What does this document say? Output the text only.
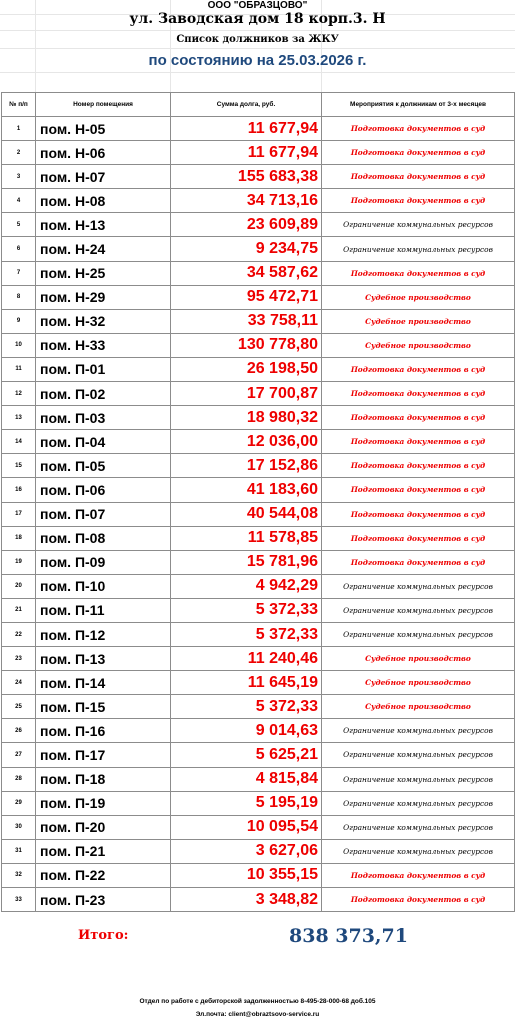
ООО "ОБРАЗЦОВО"
ул. Заводская дом 18 корп.3. Н
Список должников за ЖКУ
по состоянию на 25.03.2026 г.
№ п/п	Номер помещения	Сумма долга, руб.	Мероприятия к должникам от 3-х месяцев
1	пом. Н-05	11 677,94	Подготовка документов в суд
2	пом. Н-06	11 677,94	Подготовка документов в суд
3	пом. Н-07	155 683,38	Подготовка документов в суд
4	пом. Н-08	34 713,16	Подготовка документов в суд
5	пом. Н-13	23 609,89	Ограничение коммунальных ресурсов
6	пом. Н-24	9 234,75	Ограничение коммунальных ресурсов
7	пом. Н-25	34 587,62	Подготовка документов в суд
8	пом. Н-29	95 472,71	Судебное производство
9	пом. Н-32	33 758,11	Судебное производство
10	пом. Н-33	130 778,80	Судебное производство
11	пом. П-01	26 198,50	Подготовка документов в суд
12	пом. П-02	17 700,87	Подготовка документов в суд
13	пом. П-03	18 980,32	Подготовка документов в суд
14	пом. П-04	12 036,00	Подготовка документов в суд
15	пом. П-05	17 152,86	Подготовка документов в суд
16	пом. П-06	41 183,60	Подготовка документов в суд
17	пом. П-07	40 544,08	Подготовка документов в суд
18	пом. П-08	11 578,85	Подготовка документов в суд
19	пом. П-09	15 781,96	Подготовка документов в суд
20	пом. П-10	4 942,29	Ограничение коммунальных ресурсов
21	пом. П-11	5 372,33	Ограничение коммунальных ресурсов
22	пом. П-12	5 372,33	Ограничение коммунальных ресурсов
23	пом. П-13	11 240,46	Судебное производство
24	пом. П-14	11 645,19	Судебное производство
25	пом. П-15	5 372,33	Судебное производство
26	пом. П-16	9 014,63	Ограничение коммунальных ресурсов
27	пом. П-17	5 625,21	Ограничение коммунальных ресурсов
28	пом. П-18	4 815,84	Ограничение коммунальных ресурсов
29	пом. П-19	5 195,19	Ограничение коммунальных ресурсов
30	пом. П-20	10 095,54	Ограничение коммунальных ресурсов
31	пом. П-21	3 627,06	Ограничение коммунальных ресурсов
32	пом. П-22	10 355,15	Подготовка документов в суд
33	пом. П-23	3 348,82	Подготовка документов в суд
Итого:	838 373,71
Отдел по работе с дебиторской задолженностью 8-495-28-000-68 доб.105
Эл.почта: client@obraztsovo-service.ru
